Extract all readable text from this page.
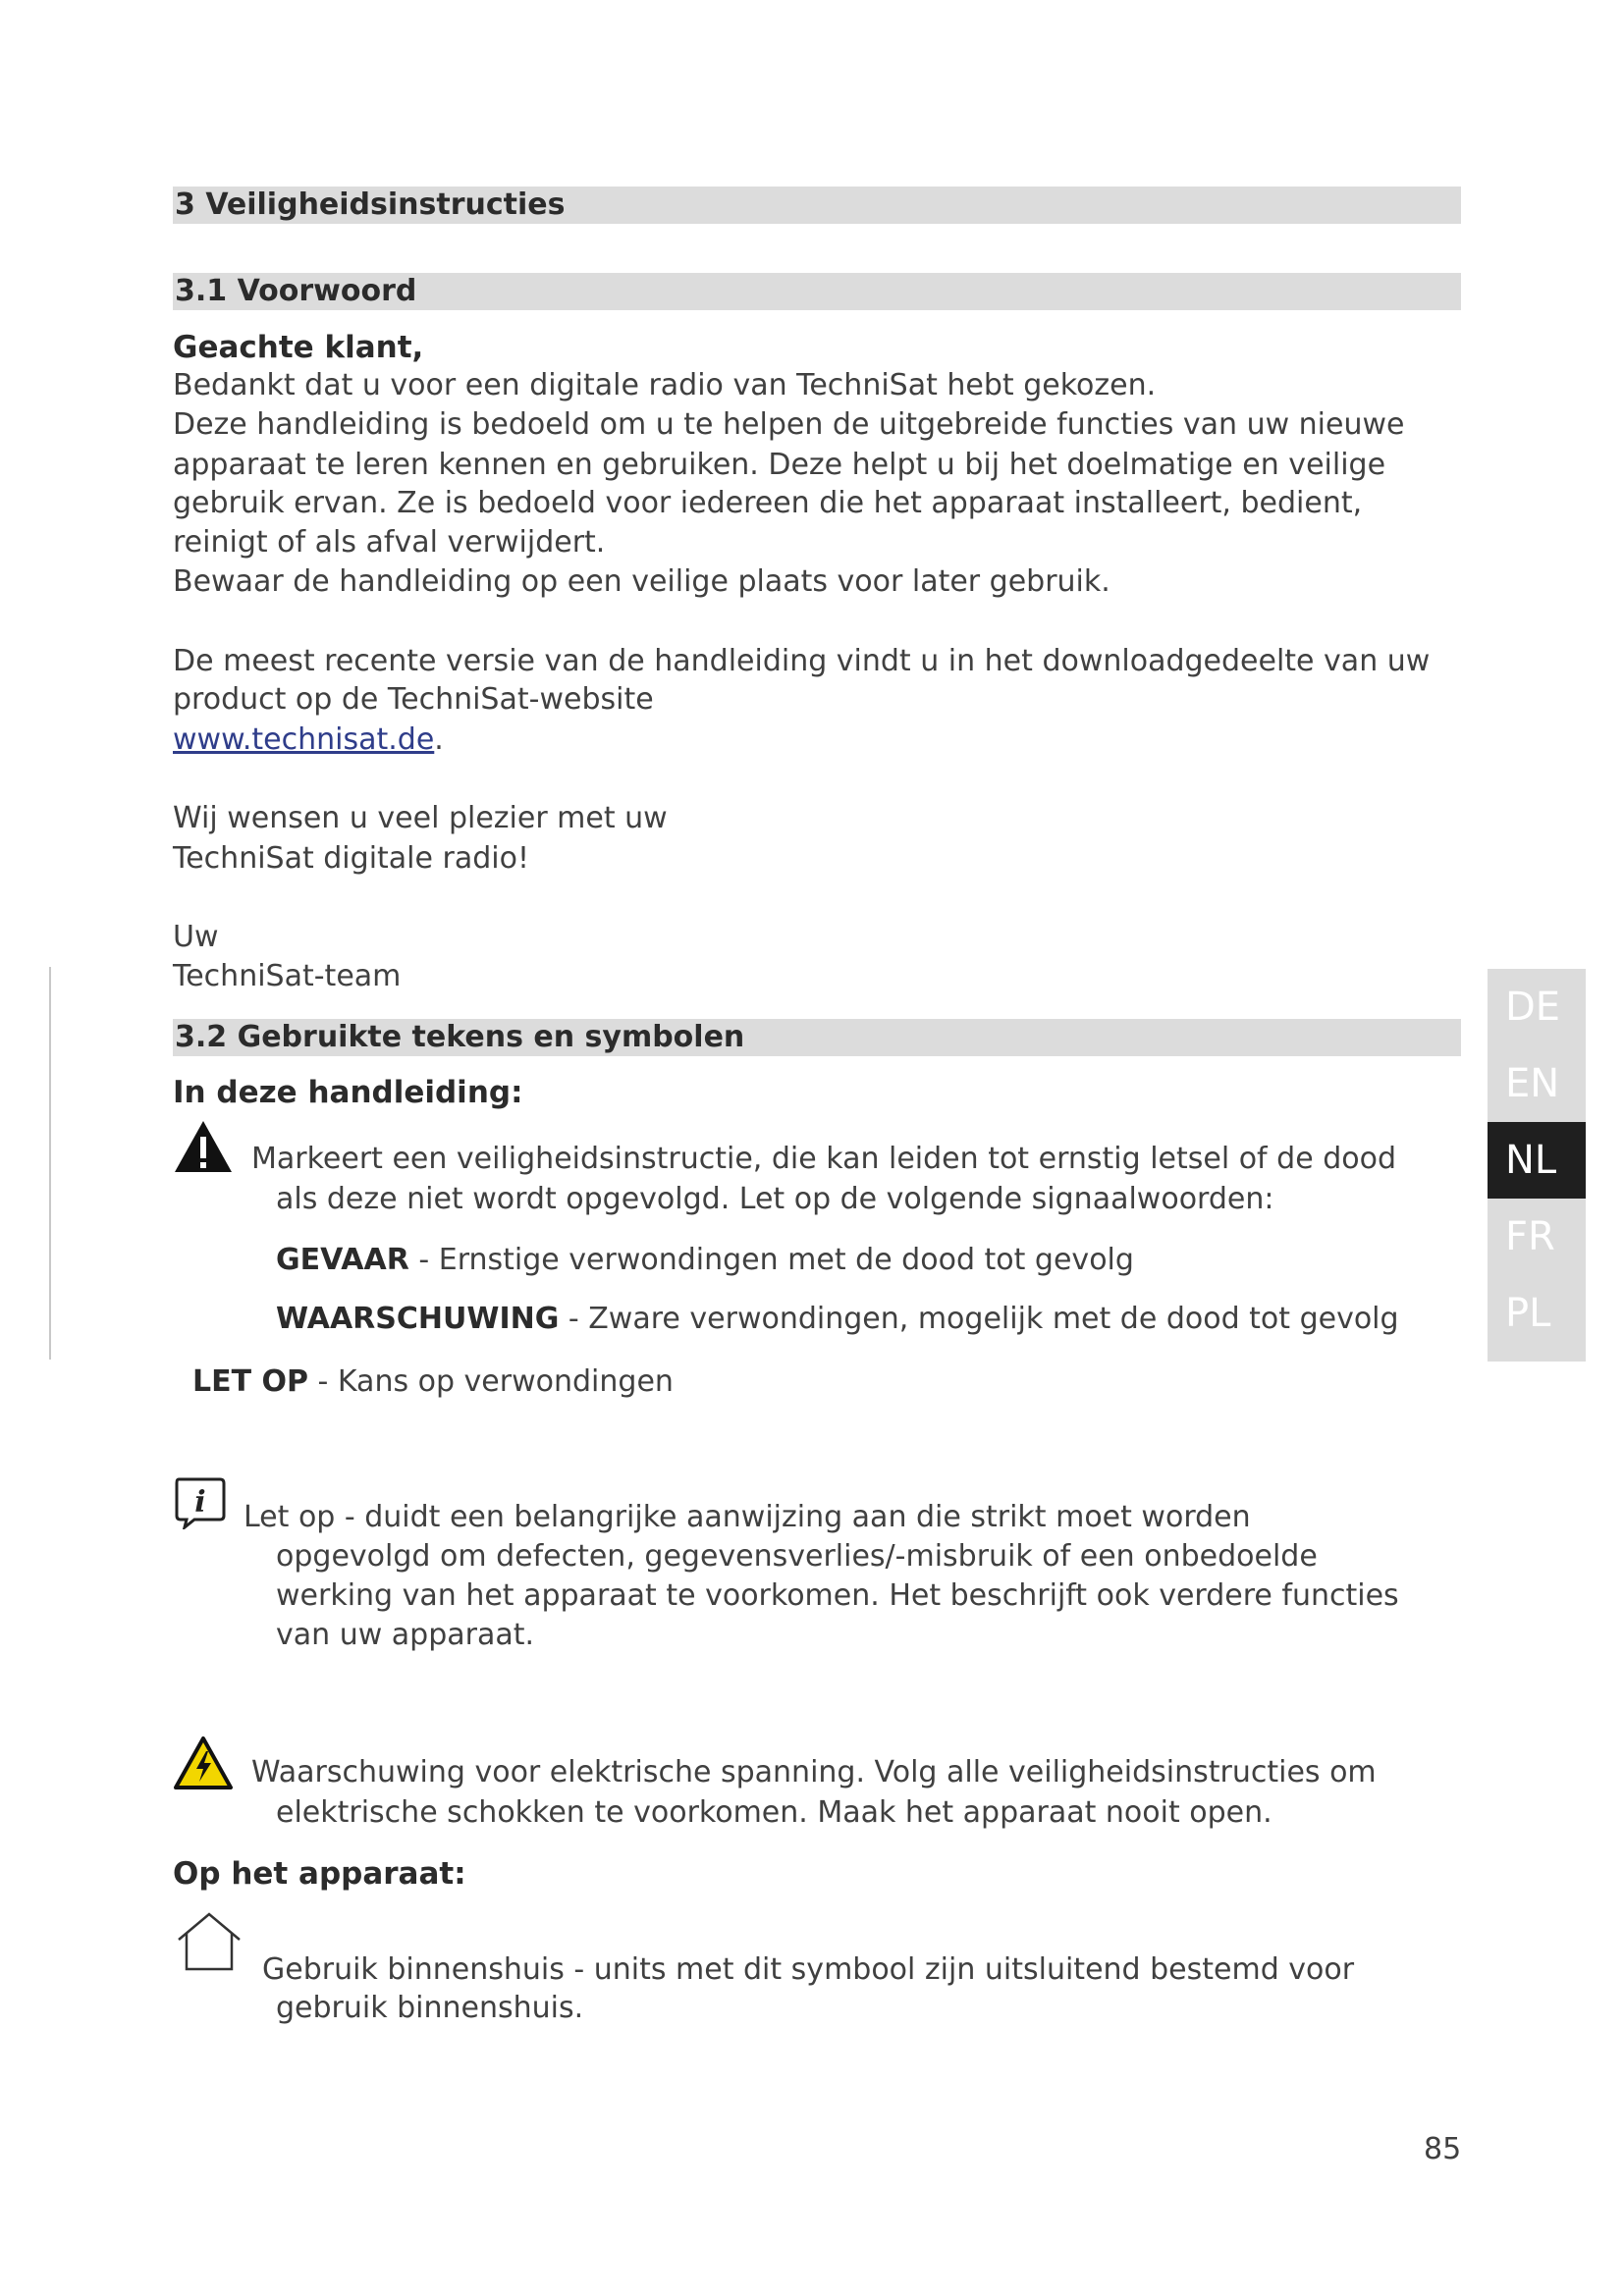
3 Veiligheidsinstructies
3.1 Voorwoord
Geachte klant,
Bedankt dat u voor een digitale radio van TechniSat hebt gekozen.
Deze handleiding is bedoeld om u te helpen de uitgebreide functies van uw nieuwe
apparaat te leren kennen en gebruiken. Deze helpt u bij het doelmatige en veilige
gebruik ervan. Ze is bedoeld voor iedereen die het apparaat installeert, bedient,
reinigt of als afval verwijdert.
Bewaar de handleiding op een veilige plaats voor later gebruik.
De meest recente versie van de handleiding vindt u in het downloadgedeelte van uw
product op de TechniSat-website
www.technisat.de.
Wij wensen u veel plezier met uw
TechniSat digitale radio!
Uw
TechniSat-team
3.2 Gebruikte tekens en symbolen
In deze handleiding:
Markeert een veiligheidsinstructie, die kan leiden tot ernstig letsel of de dood
als deze niet wordt opgevolgd. Let op de volgende signaalwoorden:
GEVAAR - Ernstige verwondingen met de dood tot gevolg
WAARSCHUWING - Zware verwondingen, mogelijk met de dood tot gevolg
LET OP - Kans op verwondingen
i Let op - duidt een belangrijke aanwijzing aan die strikt moet worden
opgevolgd om defecten, gegevensverlies/-misbruik of een onbedoelde
werking van het apparaat te voorkomen. Het beschrijft ook verdere functies
van uw apparaat.
Waarschuwing voor elektrische spanning. Volg alle veiligheidsinstructies om
elektrische schokken te voorkomen. Maak het apparaat nooit open.
Op het apparaat:
Gebruik binnenshuis - units met dit symbool zijn uitsluitend bestemd voor
gebruik binnenshuis.
DE
EN
NL
FR
PL
85
